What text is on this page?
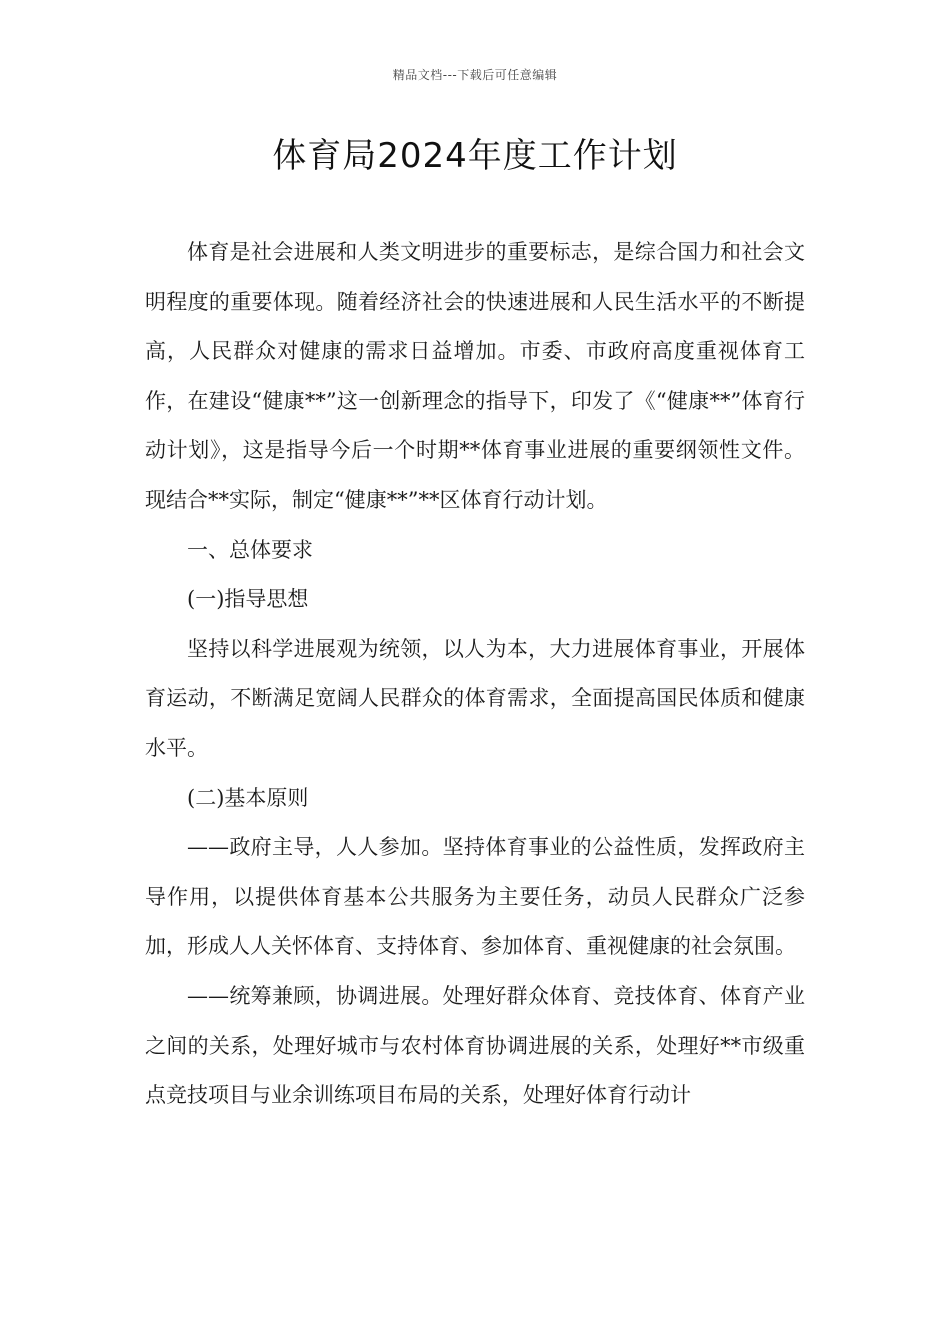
精品文档---下载后可任意编辑
体育局2024年度工作计划

体育是社会进展和人类文明进步的重要标志，是综合国力和社会文明程度的重要体现。随着经济社会的快速进展和人民生活水平的不断提高，人民群众对健康的需求日益增加。市委、市政府高度重视体育工作，在建设“健康**”这一创新理念的指导下，印发了《“健康**”体育行动计划》，这是指导今后一个时期**体育事业进展的重要纲领性文件。现结合**实际，制定“健康**”**区体育行动计划。

一、总体要求

(一)指导思想

坚持以科学进展观为统领，以人为本，大力进展体育事业，开展体育运动，不断满足宽阔人民群众的体育需求，全面提高国民体质和健康水平。

(二)基本原则

——政府主导，人人参加。坚持体育事业的公益性质，发挥政府主导作用，以提供体育基本公共服务为主要任务，动员人民群众广泛参加，形成人人关怀体育、支持体育、参加体育、重视健康的社会氛围。

——统筹兼顾，协调进展。处理好群众体育、竞技体育、体育产业之间的关系，处理好城市与农村体育协调进展的关系，处理好**市级重点竞技项目与业余训练项目布局的关系，处理好体育行动计
